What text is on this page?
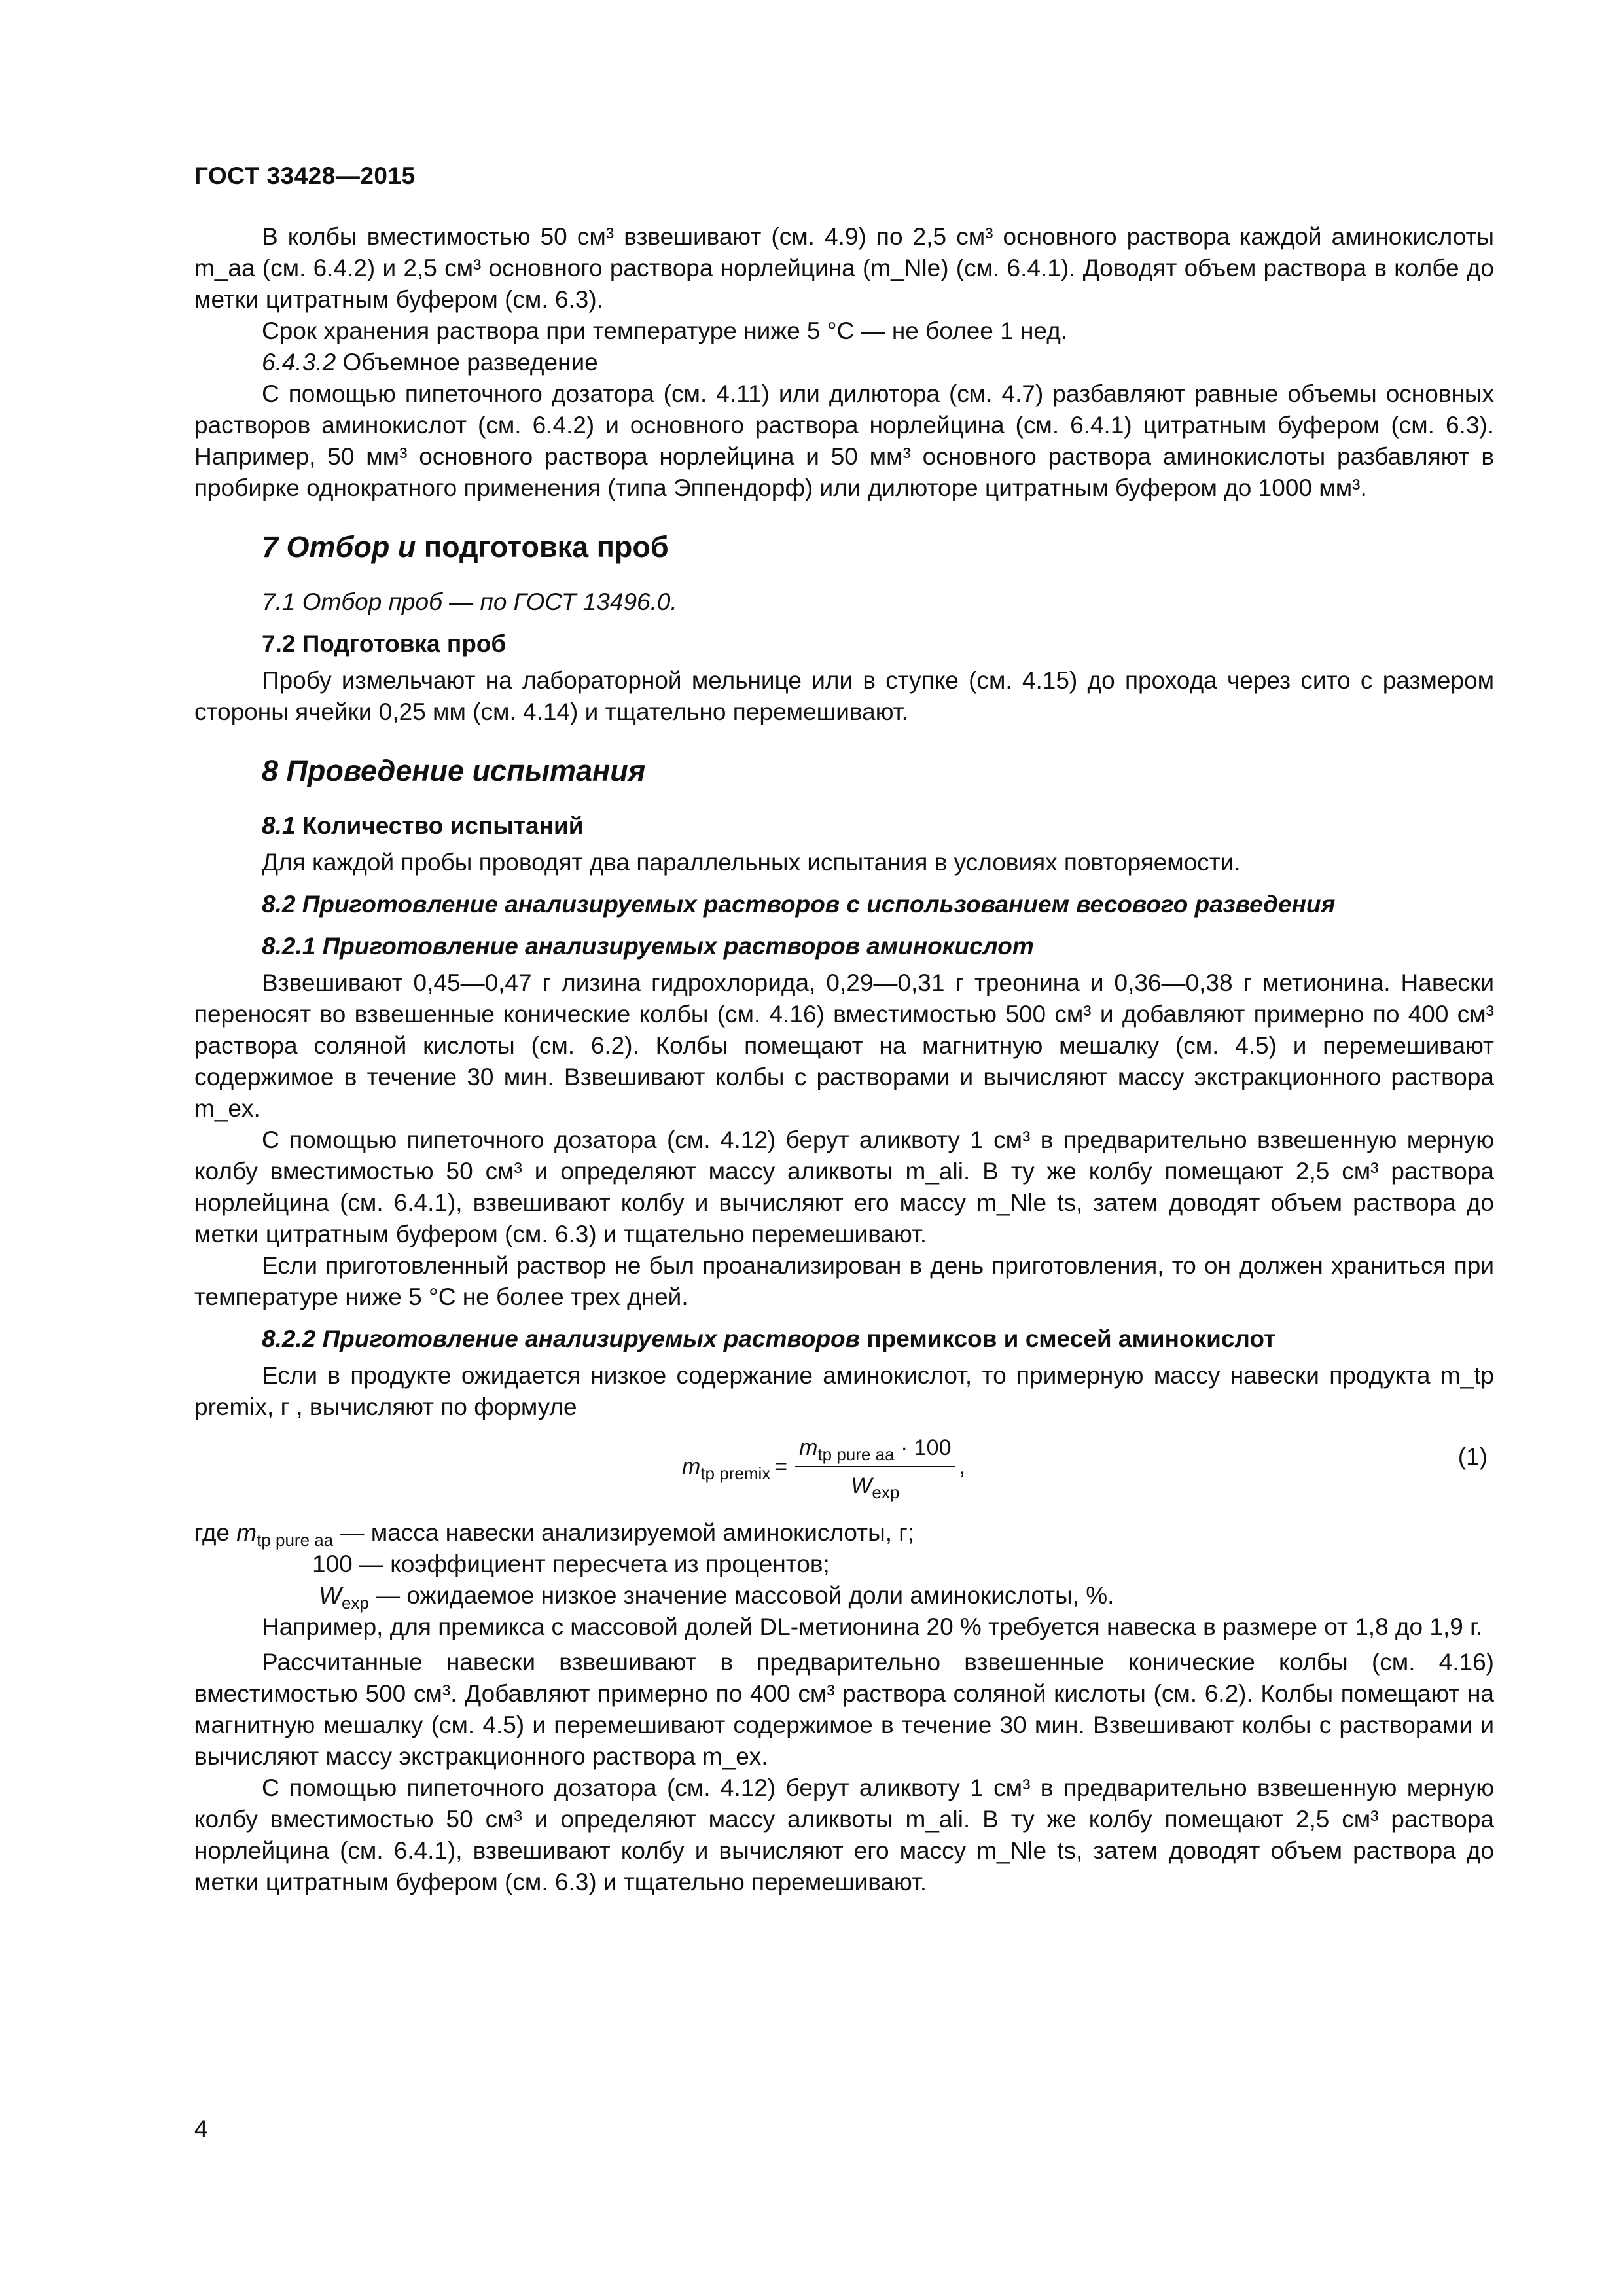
ГОСТ 33428—2015

В колбы вместимостью 50 см³ взвешивают (см. 4.9) по 2,5 см³ основного раствора каждой аминокислоты m_aa (см. 6.4.2) и 2,5 см³ основного раствора норлейцина (m_Nle) (см. 6.4.1). Доводят объем раствора в колбе до метки цитратным буфером (см. 6.3).

Срок хранения раствора при температуре ниже 5 °С — не более 1 нед.

6.4.3.2 Объемное разведение

С помощью пипеточного дозатора (см. 4.11) или дилютора (см. 4.7) разбавляют равные объемы основных растворов аминокислот (см. 6.4.2) и основного раствора норлейцина (см. 6.4.1) цитратным буфером (см. 6.3). Например, 50 мм³ основного раствора норлейцина и 50 мм³ основного раствора аминокислоты разбавляют в пробирке однократного применения (типа Эппендорф) или дилюторе цитратным буфером до 1000 мм³.

7 Отбор и подготовка проб

7.1 Отбор проб — по ГОСТ 13496.0.

7.2 Подготовка проб

Пробу измельчают на лабораторной мельнице или в ступке (см. 4.15) до прохода через сито с размером стороны ячейки 0,25 мм (см. 4.14) и тщательно перемешивают.

8 Проведение испытания

8.1 Количество испытаний

Для каждой пробы проводят два параллельных испытания в условиях повторяемости.

8.2 Приготовление анализируемых растворов с использованием весового разведения

8.2.1 Приготовление анализируемых растворов аминокислот

Взвешивают 0,45—0,47 г лизина гидрохлорида, 0,29—0,31 г треонина и 0,36—0,38 г метионина. Навески переносят во взвешенные конические колбы (см. 4.16) вместимостью 500 см³ и добавляют примерно по 400 см³ раствора соляной кислоты (см. 6.2). Колбы помещают на магнитную мешалку (см. 4.5) и перемешивают содержимое в течение 30 мин. Взвешивают колбы с растворами и вычисляют массу экстракционного раствора m_ex.

С помощью пипеточного дозатора (см. 4.12) берут аликвоту 1 см³ в предварительно взвешенную мерную колбу вместимостью 50 см³ и определяют массу аликвоты m_ali. В ту же колбу помещают 2,5 см³ раствора норлейцина (см. 6.4.1), взвешивают колбу и вычисляют его массу m_Nle ts, затем доводят объем раствора до метки цитратным буфером (см. 6.3) и тщательно перемешивают.

Если приготовленный раствор не был проанализирован в день приготовления, то он должен храниться при температуре ниже 5 °С не более трех дней.

8.2.2 Приготовление анализируемых растворов премиксов и смесей аминокислот

Если в продукте ожидается низкое содержание аминокислот, то примерную массу навески продукта m_tp premix, г , вычисляют по формуле

$m_{tp premix} = \frac{m_{tp pure aa} \cdot 100}{W_{exp}}$ ,	(1)

где $m_{tp pure aa}$ — масса навески анализируемой аминокислоты, г;

100 — коэффициент пересчета из процентов;

$W_{exp}$ — ожидаемое низкое значение массовой доли аминокислоты, %.

Например, для премикса с массовой долей DL-метионина 20 % требуется навеска в размере от 1,8 до 1,9 г.

Рассчитанные навески взвешивают в предварительно взвешенные конические колбы (см. 4.16) вместимостью 500 см³. Добавляют примерно по 400 см³ раствора соляной кислоты (см. 6.2). Колбы помещают на магнитную мешалку (см. 4.5) и перемешивают содержимое в течение 30 мин. Взвешивают колбы с растворами и вычисляют массу экстракционного раствора m_ex.

С помощью пипеточного дозатора (см. 4.12) берут аликвоту 1 см³ в предварительно взвешенную мерную колбу вместимостью 50 см³ и определяют массу аликвоты m_ali. В ту же колбу помещают 2,5 см³ раствора норлейцина (см. 6.4.1), взвешивают колбу и вычисляют его массу m_Nle ts, затем доводят объем раствора до метки цитратным буфером (см. 6.3) и тщательно перемешивают.

4
